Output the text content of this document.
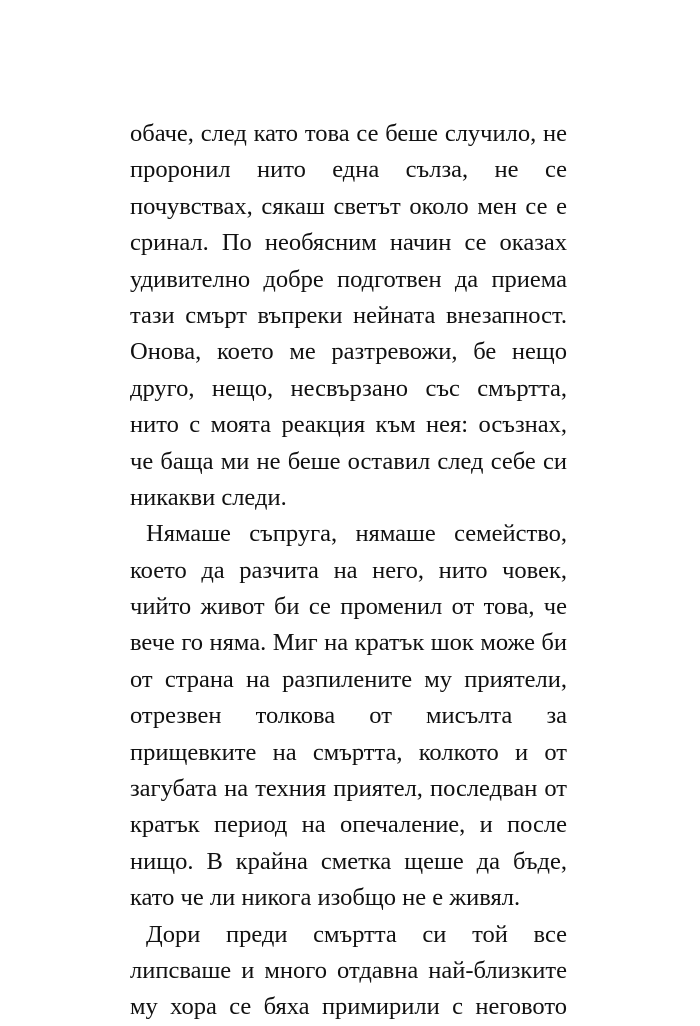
обаче, след като това се беше случило, не
проронил нито една сълза, не се
почувствах, сякаш светът около мен се е
сринал. По необясним начин се оказах
удивително добре подготвен да приема
тази смърт въпреки нейната внезапност.
Онова, което ме разтревожи, бе нещо
друго, нещо, несвързано със смъртта,
нито с моята реакция към нея: осъзнах,
че баща ми не беше оставил след себе си
никакви следи.
Нямаше съпруга, нямаше семейство,
което да разчита на него, нито човек,
чийто живот би се променил от това, че
вече го няма. Миг на кратък шок може би
от страна на разпилените му приятели,
отрезвен толкова от мисълта за
прищевките на смъртта, колкото и от
загубата на техния приятел, последван от
кратък период на опечаление, и после
нищо. В крайна сметка щеше да бъде,
като че ли никога изобщо не е живял.
Дори преди смъртта си той все
липсваше и много отдавна най-близките
му хора се бяха примирили с неговото
